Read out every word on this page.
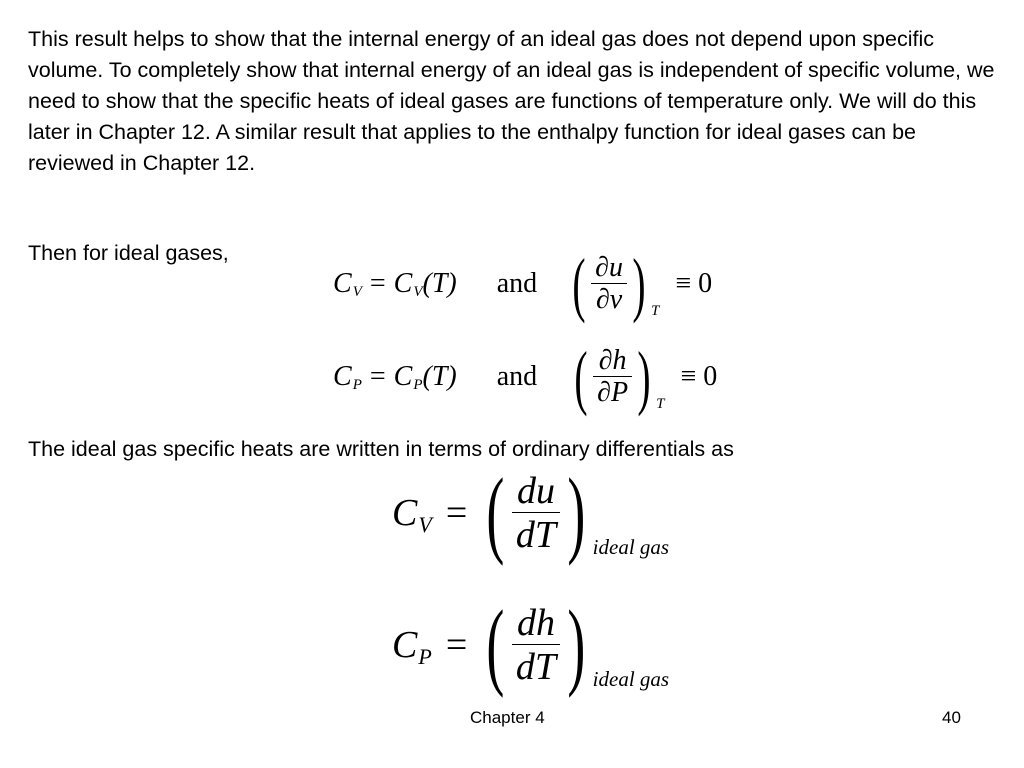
This result helps to show that the internal energy of an ideal gas does not depend upon specific volume. To completely show that internal energy of an ideal gas is independent of specific volume, we need to show that the specific heats of ideal gases are functions of temperature only. We will do this later in Chapter 12. A similar result that applies to the enthalpy function for ideal gases can be reviewed in Chapter 12.

Then for ideal gases,

C V = C V (T) and ( $\frac{\partial u}{\partial v}$ ) T
≡ 0
C P = C P (T) and ( $\frac{\partial h}{\partial P}$ ) T
≡ 0

The ideal gas specific heats are written in terms of ordinary differentials as

C V = ( $\frac{du}{dT}$ ) ideal gas
C P = ( $\frac{dh}{dT}$ ) ideal gas
Chapter 4	40
